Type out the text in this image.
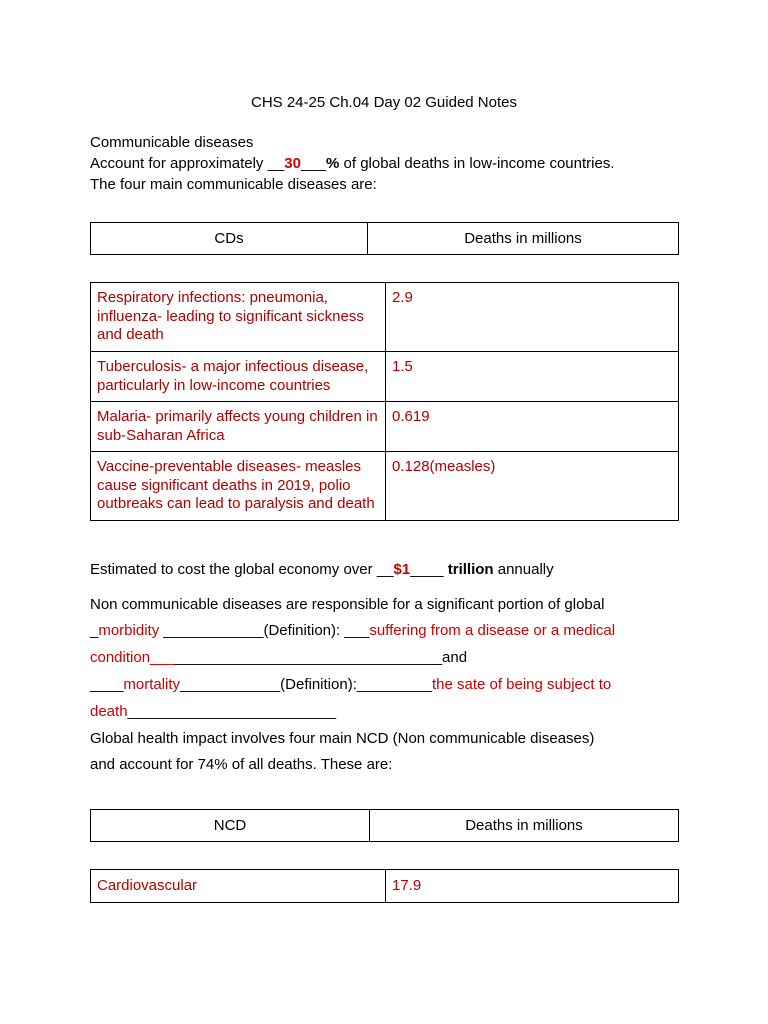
CHS 24-25 Ch.04 Day 02 Guided Notes
Communicable diseases
Account for approximately __30___% of global deaths in low-income countries.
The four main communicable diseases are:
CDs	Deaths in millions
Respiratory infections: pneumonia, influenza- leading to significant sickness and death	2.9
Tuberculosis- a major infectious disease, particularly in low-income countries	1.5
Malaria- primarily affects young children in sub-Saharan Africa	0.619
Vaccine-preventable diseases- measles cause significant deaths in 2019, polio outbreaks can lead to paralysis and death	0.128(measles)
Estimated to cost the global economy over __$1____ trillion annually
Non communicable diseases are responsible for a significant portion of global
_morbidity ____________(Definition): ___suffering from a disease or a medical
condition___________________________________and
____mortality____________(Definition):_________the sate of being subject to
death_________________________
Global health impact involves four main NCD (Non communicable diseases)
and account for 74% of all deaths. These are:
NCD	Deaths in millions
Cardiovascular	17.9
